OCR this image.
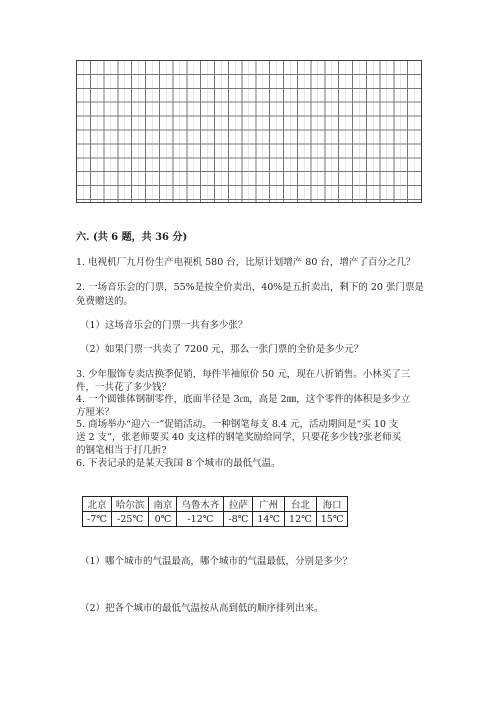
六. (共 6 题，共 36 分)
1. 电视机厂九月份生产电视机 580 台，比原计划增产 80 台，增产了百分之几？
2. 一场音乐会的门票，55%是按全价卖出，40%是五折卖出，剩下的 20 张门票是
免费赠送的。
（1）这场音乐会的门票一共有多少张？
（2）如果门票一共卖了 7200 元，那么一张门票的全价是多少元？
3. 少年服饰专卖店换季促销，每件半袖原价 50 元，现在八折销售。小林买了三
件，一共花了多少钱？
4. 一个圆锥体钢制零件，底面半径是 3㎝，高是 2㎜，这个零件的体积是多少立
方厘米？
5. 商场举办“迎六一”促销活动。一种钢笔每支 8.4 元，活动期间是“买 10 支
送 2 支”，张老师要买 40 支这样的钢笔奖励给同学，只要花多少钱?张老师买
的钢笔相当于打几折?
6. 下表记录的是某天我国 8 个城市的最低气温。
北京	哈尔滨	南京	乌鲁木齐	拉萨	广州	台北	海口
-7℃	-25℃	0℃	-12℃	-8℃	14℃	12℃	15℃
（1）哪个城市的气温最高，哪个城市的气温最低，分别是多少？
（2）把各个城市的最低气温按从高到低的顺序排列出来。
